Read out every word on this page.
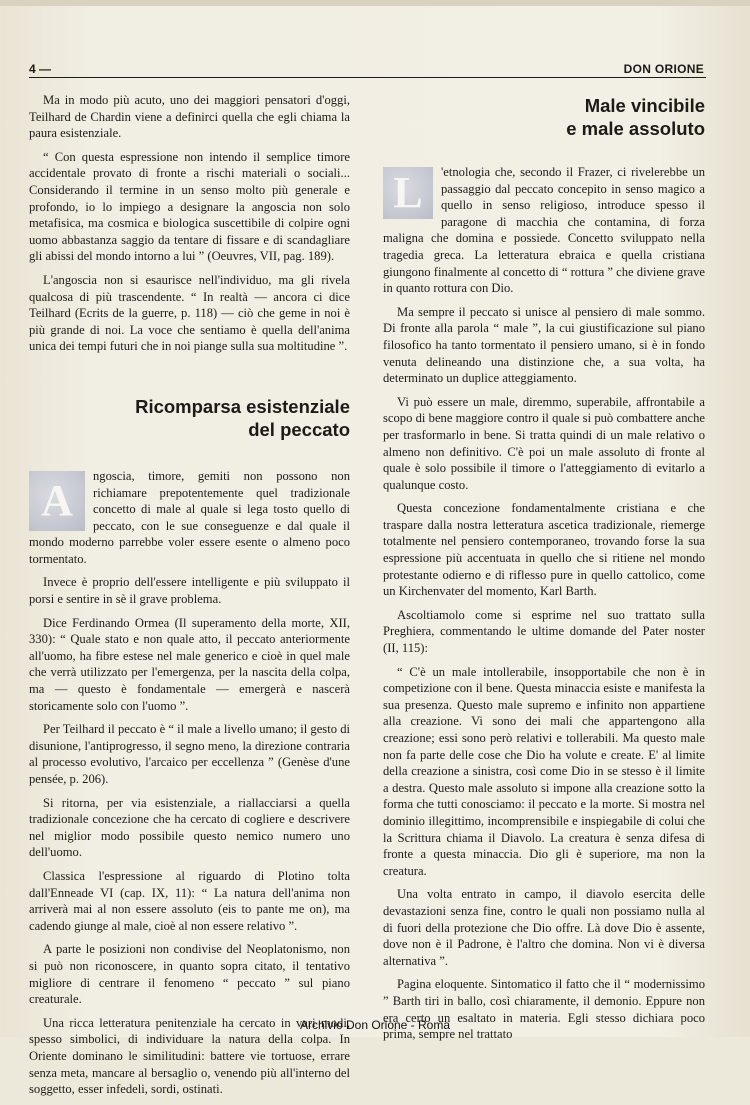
4 —	DON ORIONE

Ma in modo più acuto, uno dei maggiori pensatori d'oggi, Teilhard de Chardin viene a definirci quella che egli chiama la paura esistenziale.

“ Con questa espressione non intendo il semplice timore accidentale provato di fronte a rischi materiali o sociali... Considerando il termine in un senso molto più generale e profondo, io lo impiego a designare la angoscia non solo metafisica, ma cosmica e biologica suscettibile di colpire ogni uomo abbastanza saggio da tentare di fissare e di scandagliare gli abissi del mondo intorno a lui ” (Oeuvres, VII, pag. 189).

L'angoscia non si esaurisce nell'individuo, ma gli rivela qualcosa di più trascendente. “ In realtà — ancora ci dice Teilhard (Ecrits de la guerre, p. 118) — ciò che geme in noi è più grande di noi. La voce che sentiamo è quella dell'anima unica dei tempi futuri che in noi piange sulla sua moltitudine ”.

Ricomparsa esistenziale
del peccato

A	ngoscia, timore, gemiti non possono non richiamare prepotentemente quel tradizionale concetto di male al quale si lega tosto quello di peccato, con le sue conseguenze e dal quale il mondo moderno parrebbe voler essere esente o almeno poco tormentato.

Invece è proprio dell'essere intelligente e più sviluppato il porsi e sentire in sè il grave problema.

Dice Ferdinando Ormea (Il superamento della morte, XII, 330): “ Quale stato e non quale atto, il peccato anteriormente all'uomo, ha fibre estese nel male generico e cioè in quel male che verrà utilizzato per l'emergenza, per la nascita della colpa, ma — questo è fondamentale — emergerà e nascerà storicamente solo con l'uomo ”.

Per Teilhard il peccato è “ il male a livello umano; il gesto di disunione, l'antiprogresso, il segno meno, la direzione contraria al processo evolutivo, l'arcaico per eccellenza ” (Genèse d'une pensée, p. 206).

Si ritorna, per via esistenziale, a riallacciarsi a quella tradizionale concezione che ha cercato di cogliere e descrivere nel miglior modo possibile questo nemico numero uno dell'uomo.

Classica l'espressione al riguardo di Plotino tolta dall'Enneade VI (cap. IX, 11): “ La natura dell'anima non arriverà mai al non essere assoluto (eis to pante me on), ma cadendo giunge al male, cioè al non essere relativo ”.

A parte le posizioni non condivise del Neoplatonismo, non si può non riconoscere, in quanto sopra citato, il tentativo migliore di centrare il fenomeno “ peccato ” sul piano creaturale.

Una ricca letteratura penitenziale ha cercato in vari modi, spesso simbolici, di individuare la natura della colpa. In Oriente dominano le similitudini: battere vie tortuose, errare senza meta, mancare al bersaglio o, venendo più all'interno del soggetto, esser infedeli, sordi, ostinati.

Male vincibile
e male assoluto

L	'etnologia che, secondo il Frazer, ci rivelerebbe un passaggio dal peccato concepito in senso magico a quello in senso religioso, introduce spesso il paragone di macchia che contamina, di forza maligna che domina e possiede. Concetto sviluppato nella tragedia greca. La letteratura ebraica e quella cristiana giungono finalmente al concetto di “ rottura ” che diviene grave in quanto rottura con Dio.

Ma sempre il peccato si unisce al pensiero di male sommo. Di fronte alla parola “ male ”, la cui giustificazione sul piano filosofico ha tanto tormentato il pensiero umano, si è in fondo venuta delineando una distinzione che, a sua volta, ha determinato un duplice atteggiamento.

Vi può essere un male, diremmo, superabile, affrontabile a scopo di bene maggiore contro il quale si può combattere anche per trasformarlo in bene. Si tratta quindi di un male relativo o almeno non definitivo. C'è poi un male assoluto di fronte al quale è solo possibile il timore o l'atteggiamento di evitarlo a qualunque costo.

Questa concezione fondamentalmente cristiana e che traspare dalla nostra letteratura ascetica tradizionale, riemerge totalmente nel pensiero contemporaneo, trovando forse la sua espressione più accentuata in quello che si ritiene nel mondo protestante odierno e di riflesso pure in quello cattolico, come un Kirchenvater del momento, Karl Barth.

Ascoltiamolo come si esprime nel suo trattato sulla Preghiera, commentando le ultime domande del Pater noster (II, 115):

“ C'è un male intollerabile, insopportabile che non è in competizione con il bene. Questa minaccia esiste e manifesta la sua presenza. Questo male supremo e infinito non appartiene alla creazione. Vi sono dei mali che appartengono alla creazione; essi sono però relativi e tollerabili. Ma questo male non fa parte delle cose che Dio ha volute e create. E' al limite della creazione a sinistra, così come Dio in se stesso è il limite a destra. Questo male assoluto si impone alla creazione sotto la forma che tutti conosciamo: il peccato e la morte. Si mostra nel dominio illegittimo, incomprensibile e inspiegabile di colui che la Scrittura chiama il Diavolo. La creatura è senza difesa di fronte a questa minaccia. Dio gli è superiore, ma non la creatura.

Una volta entrato in campo, il diavolo esercita delle devastazioni senza fine, contro le quali non possiamo nulla al di fuori della protezione che Dio offre. Là dove Dio è assente, dove non è il Padrone, è l'altro che domina. Non vi è diversa alternativa ”.

Pagina eloquente. Sintomatico il fatto che il “ modernissimo ” Barth tiri in ballo, così chiaramente, il demonio. Eppure non era certo un esaltato in materia. Egli stesso dichiara poco prima, sempre nel trattato

Archivio Don Orione - Roma
